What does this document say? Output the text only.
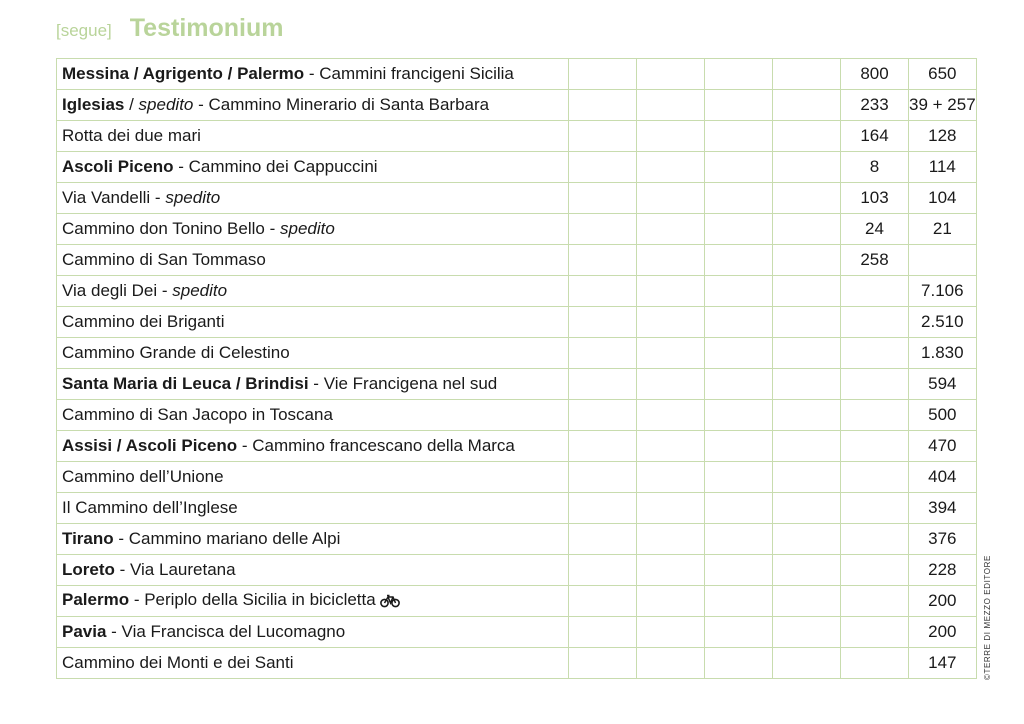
[segue] Testimonium
Messina / Agrigento / Palermo - Cammini francigeni Sicilia					800	650
Iglesias / spedito - Cammino Minerario di Santa Barbara					233	39 + 257
Rotta dei due mari					164	128
Ascoli Piceno - Cammino dei Cappuccini					8	114
Via Vandelli - spedito					103	104
Cammino don Tonino Bello - spedito					24	21
Cammino di San Tommaso					258	
Via degli Dei - spedito						7.106
Cammino dei Briganti						2.510
Cammino Grande di Celestino						1.830
Santa Maria di Leuca / Brindisi - Vie Francigena nel sud						594
Cammino di San Jacopo in Toscana						500
Assisi / Ascoli Piceno - Cammino francescano della Marca						470
Cammino dell’Unione						404
Il Cammino dell’Inglese						394
Tirano - Cammino mariano delle Alpi						376
Loreto - Via Lauretana						228
Palermo - Periplo della Sicilia in bicicletta						200
Pavia - Via Francisca del Lucomagno						200
Cammino dei Monti e dei Santi						147	©TERRE DI MEZZO EDITORE
